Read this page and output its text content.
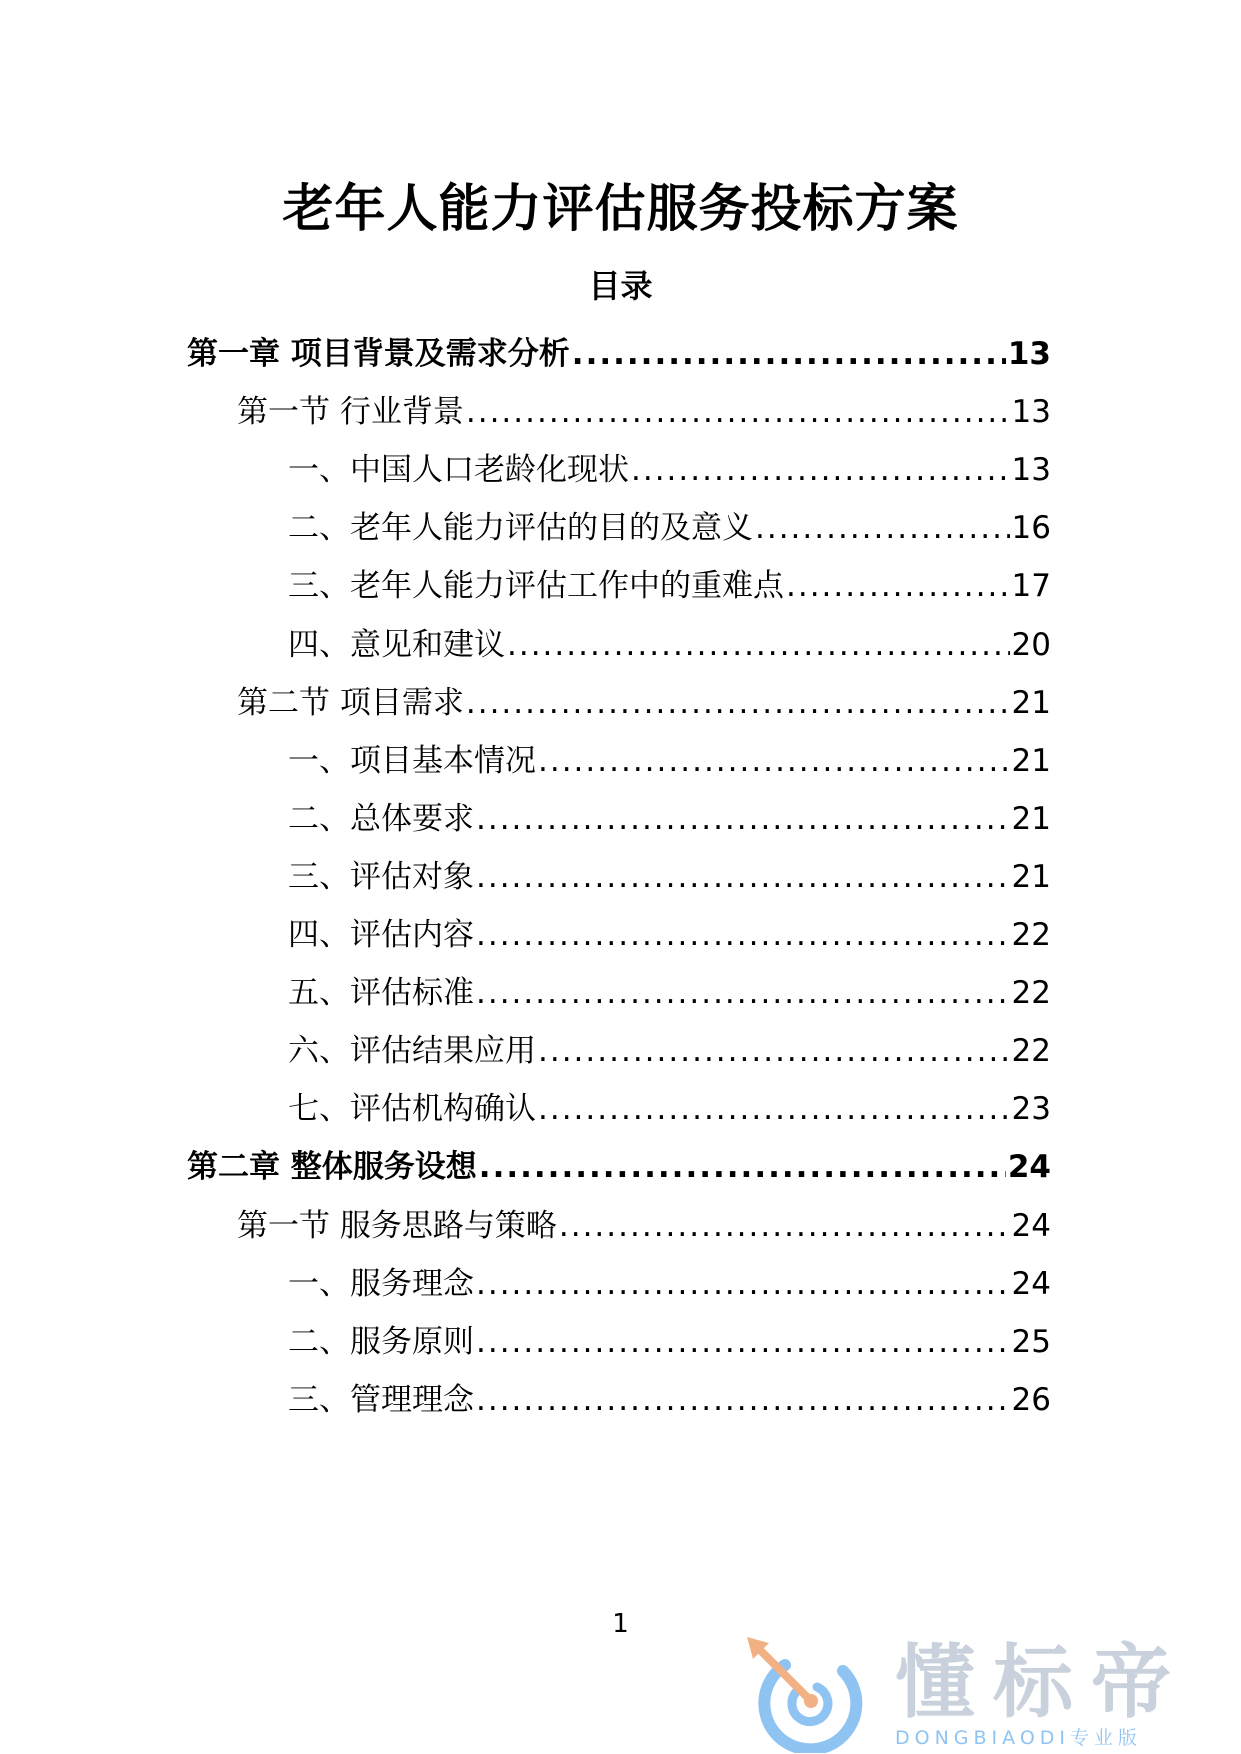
老年人能力评估服务投标方案
目录
第一章 项目背景及需求分析 .....	13
第一节 行业背景 .....	13
一、中国人口老龄化现状 .....	13
二、老年人能力评估的目的及意义 .....	16
三、老年人能力评估工作中的重难点 .....	17
四、意见和建议 .....	20
第二节 项目需求 .....	21
一、项目基本情况 .....	21
二、总体要求 .....	21
三、评估对象 .....	21
四、评估内容 .....	22
五、评估标准 .....	22
六、评估结果应用 .....	22
七、评估机构确认 .....	23
第二章 整体服务设想 .....	24
第一节 服务思路与策略 .....	24
一、服务理念 .....	24
二、服务原则 .....	25
三、管理理念 .....	26
1
懂标帝
DONGBIAODI专业版
